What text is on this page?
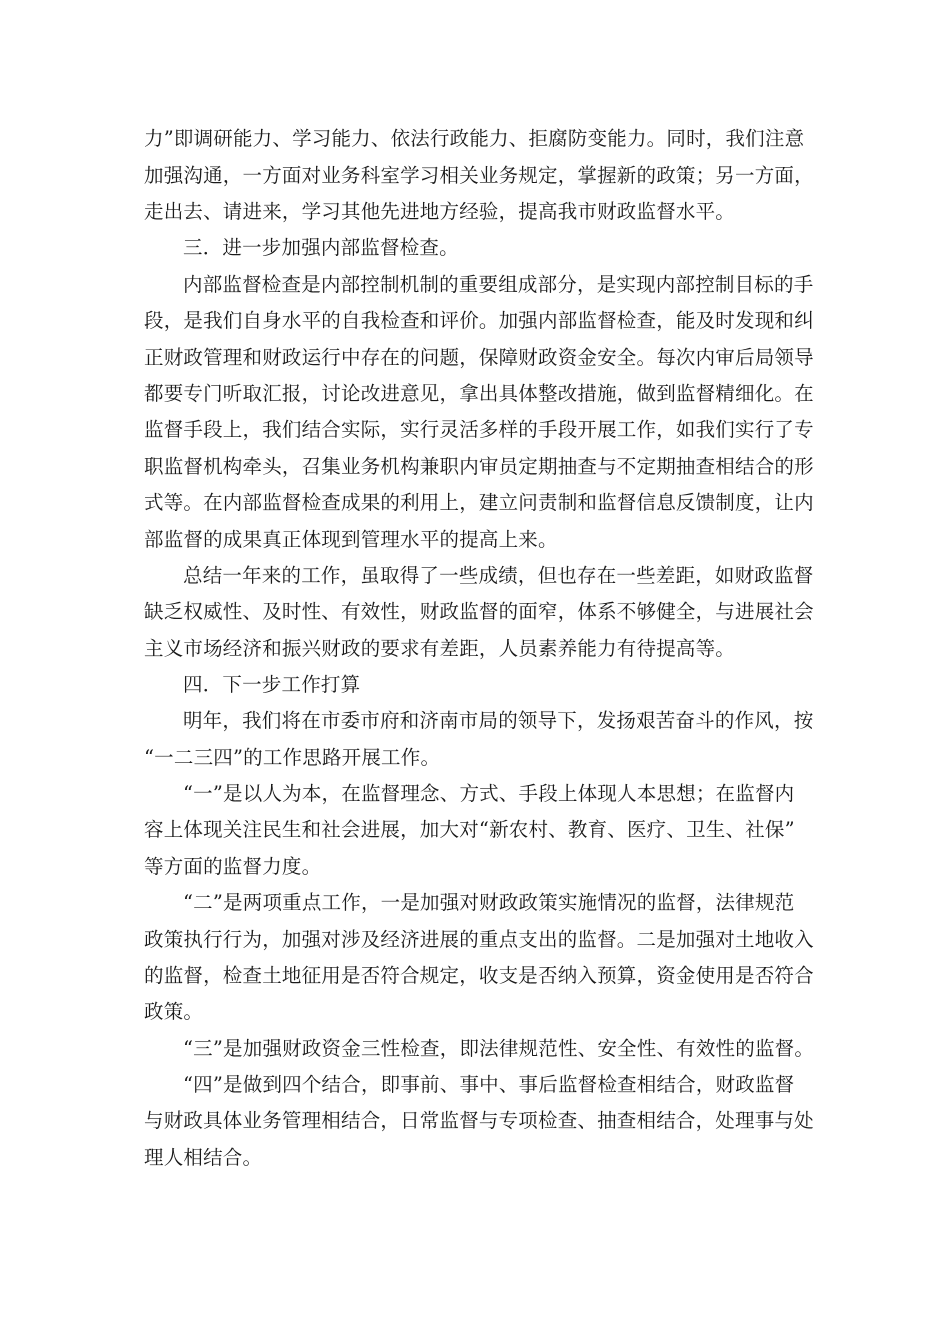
力”即调研能力、学习能力、依法行政能力、拒腐防变能力。同时，我们注意
加强沟通，一方面对业务科室学习相关业务规定，掌握新的政策；另一方面，
走出去、请进来，学习其他先进地方经验，提高我市财政监督水平。
三．进一步加强内部监督检查。
内部监督检查是内部控制机制的重要组成部分，是实现内部控制目标的手
段，是我们自身水平的自我检查和评价。加强内部监督检查，能及时发现和纠
正财政管理和财政运行中存在的问题，保障财政资金安全。每次内审后局领导
都要专门听取汇报，讨论改进意见，拿出具体整改措施，做到监督精细化。在
监督手段上，我们结合实际，实行灵活多样的手段开展工作，如我们实行了专
职监督机构牵头，召集业务机构兼职内审员定期抽查与不定期抽查相结合的形
式等。在内部监督检查成果的利用上，建立问责制和监督信息反馈制度，让内
部监督的成果真正体现到管理水平的提高上来。
总结一年来的工作，虽取得了一些成绩，但也存在一些差距，如财政监督
缺乏权威性、及时性、有效性，财政监督的面窄，体系不够健全，与进展社会
主义市场经济和振兴财政的要求有差距，人员素养能力有待提高等。
四．下一步工作打算
明年，我们将在市委市府和济南市局的领导下，发扬艰苦奋斗的作风，按
“一二三四”的工作思路开展工作。
“一”是以人为本，在监督理念、方式、手段上体现人本思想；在监督内
容上体现关注民生和社会进展，加大对“新农村、教育、医疗、卫生、社保”
等方面的监督力度。
“二”是两项重点工作，一是加强对财政政策实施情况的监督，法律规范
政策执行行为，加强对涉及经济进展的重点支出的监督。二是加强对土地收入
的监督，检查土地征用是否符合规定，收支是否纳入预算，资金使用是否符合
政策。
“三”是加强财政资金三性检查，即法律规范性、安全性、有效性的监督。
“四”是做到四个结合，即事前、事中、事后监督检查相结合，财政监督
与财政具体业务管理相结合，日常监督与专项检查、抽查相结合，处理事与处
理人相结合。
